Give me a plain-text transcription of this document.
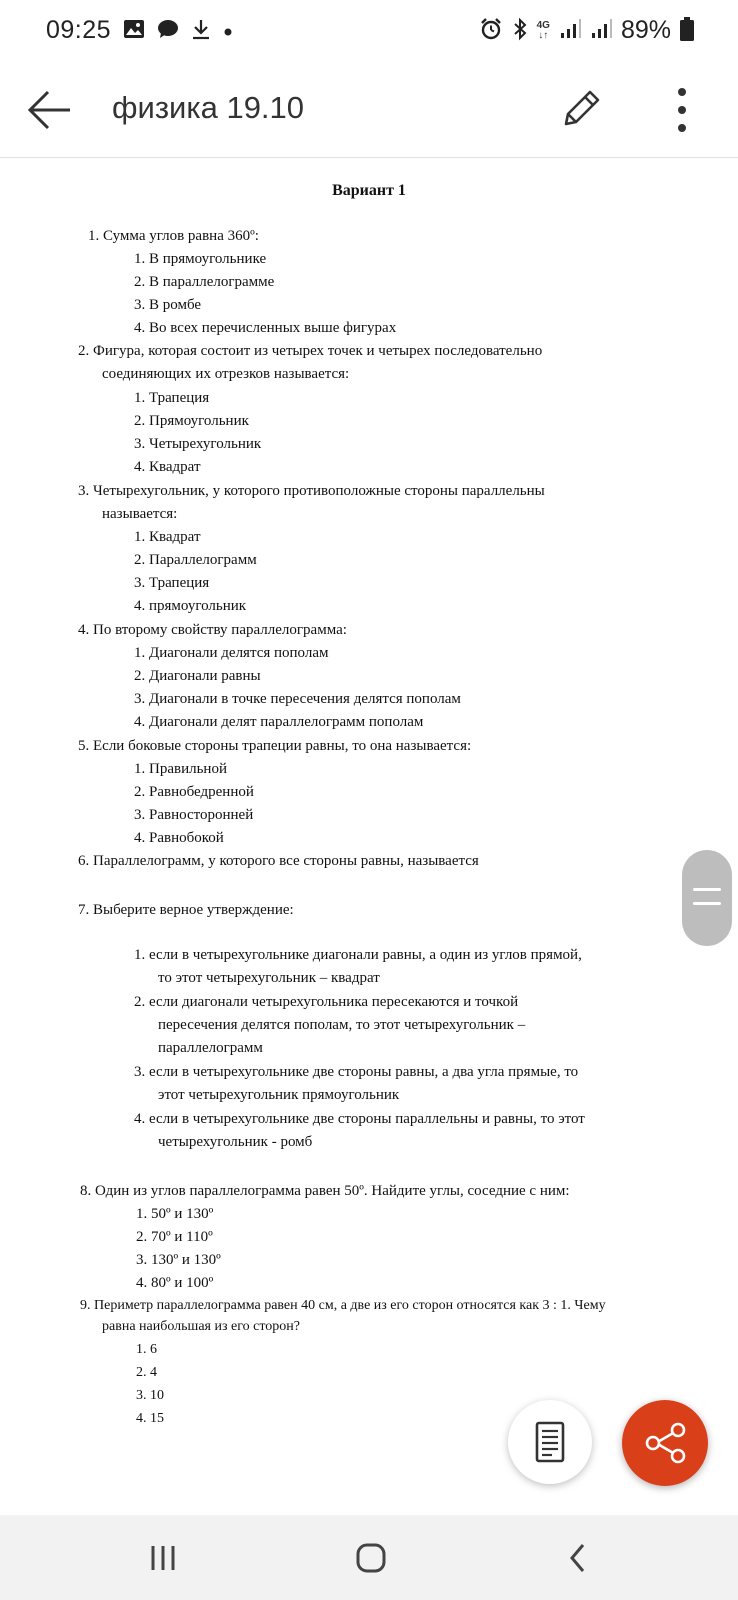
09:25	4G
↓↑	89%
физика 19.10
Вариант 1
1. Сумма углов равна 360º:
1. В прямоугольнике
2. В параллелограмме
3. В ромбе
4. Во всех перечисленных выше фигурах
2. Фигура, которая состоит из четырех точек и четырех последовательно
соединяющих их отрезков называется:
1. Трапеция
2. Прямоугольник
3. Четырехугольник
4. Квадрат
3. Четырехугольник, у которого противоположные стороны параллельны
называется:
1. Квадрат
2. Параллелограмм
3. Трапеция
4. прямоугольник
4. По второму свойству параллелограмма:
1. Диагонали делятся пополам
2. Диагонали равны
3. Диагонали в точке пересечения делятся пополам
4. Диагонали делят параллелограмм пополам
5. Если боковые стороны трапеции равны, то она называется:
1. Правильной
2. Равнобедренной
3. Равносторонней
4. Равнобокой
6. Параллелограмм, у которого все стороны равны, называется
7. Выберите верное утверждение:
1. если в четырехугольнике диагонали равны, а один из углов прямой,
то этот четырехугольник – квадрат
2. если диагонали четырехугольника пересекаются и точкой
пересечения делятся пополам, то этот четырехугольник –
параллелограмм
3. если в четырехугольнике две стороны равны, а два угла прямые, то
этот четырехугольник прямоугольник
4. если в четырехугольнике две стороны параллельны и равны, то этот
четырехугольник - ромб
8. Один из углов параллелограмма равен 50º. Найдите углы, соседние с ним:
1. 50º и 130º
2. 70º и 110º
3. 130º и 130º
4. 80º и 100º
9. Периметр параллелограмма равен 40 см, а две из его сторон относятся как 3 : 1. Чему
равна наибольшая из его сторон?
1. 6
2. 4
3. 10
4. 15
